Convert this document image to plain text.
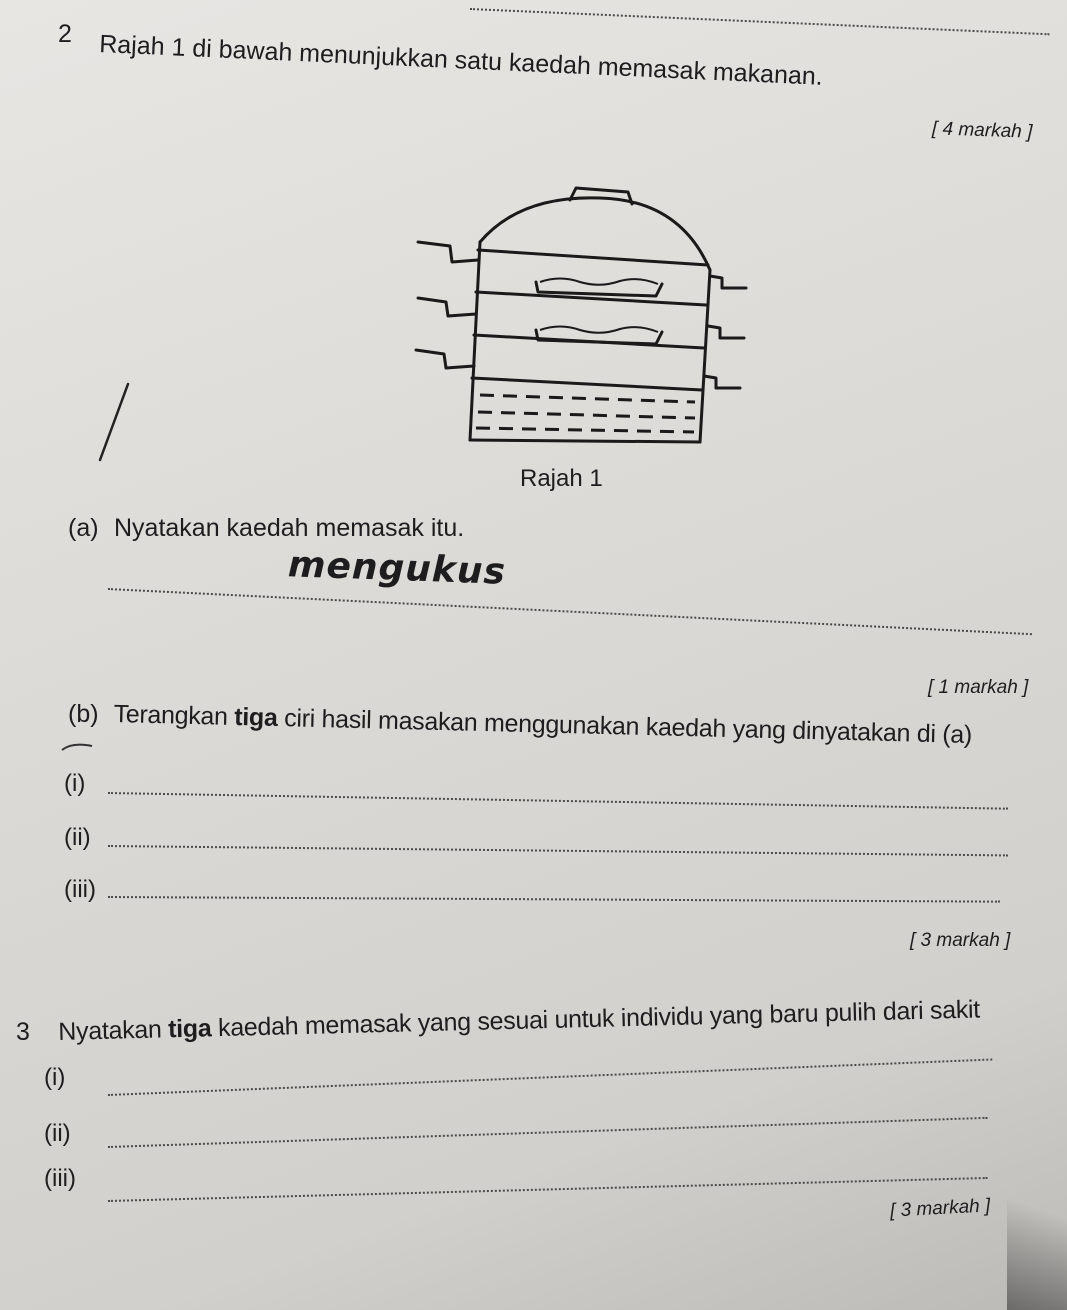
2 Rajah 1 di bawah menunjukkan satu kaedah memasak makanan.
[ 4 markah ]
Rajah 1
(a) Nyatakan kaedah memasak itu.
mengukus
[ 1 markah ]
(b) Terangkan tiga ciri hasil masakan menggunakan kaedah yang dinyatakan di (a)
(i)
(ii)
(iii)
[ 3 markah ]
3 Nyatakan tiga kaedah memasak yang sesuai untuk individu yang baru pulih dari sakit
(i)
(ii)
(iii)
[ 3 markah ]
